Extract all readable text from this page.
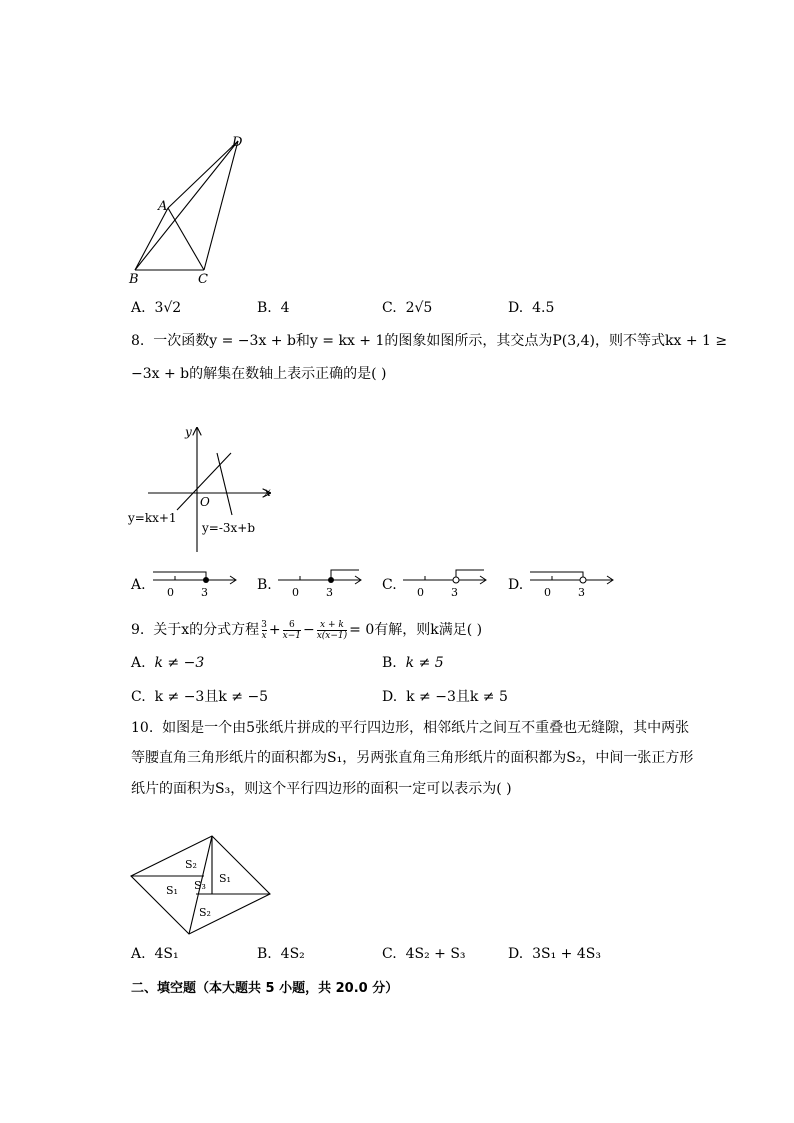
D
A
B	C
A. 3√2	B. 4	C. 2√5	D. 4.5
8. 一次函数y = −3x + b和y = kx + 1的图象如图所示，其交点为P(3,4)，则不等式kx + 1 ≥
−3x + b的解集在数轴上表示正确的是( )
x
y
O
y=kx+1
y=-3x+b
A. 0 3	B. 0 3	C. 0 3	D. 0 3
9.
关于x的分式方程 3
$x + \frac{6}{x-1} - \frac{x + k}{x(x-1)} = 0$ 有解，则k满足( )
A. k ≠ −3	B. k ≠ 5
C. k ≠ −3且k ≠ −5	D. k ≠ −3且k ≠ 5
10. 如图是一个由5张纸片拼成的平行四边形，相邻纸片之间互不重叠也无缝隙，其中两张
等腰直角三角形纸片的面积都为S₁，另两张直角三角形纸片的面积都为S₂，中间一张正方形
纸片的面积为S₃，则这个平行四边形的面积一定可以表示为( )
S₂
S₁ S₃
S₁
S₂
A. 4S₁	B. 4S₂	C. 4S₂ + S₃	D. 3S₁ + 4S₃
二、填空题（本大题共 5 小题，共 20.0 分）
